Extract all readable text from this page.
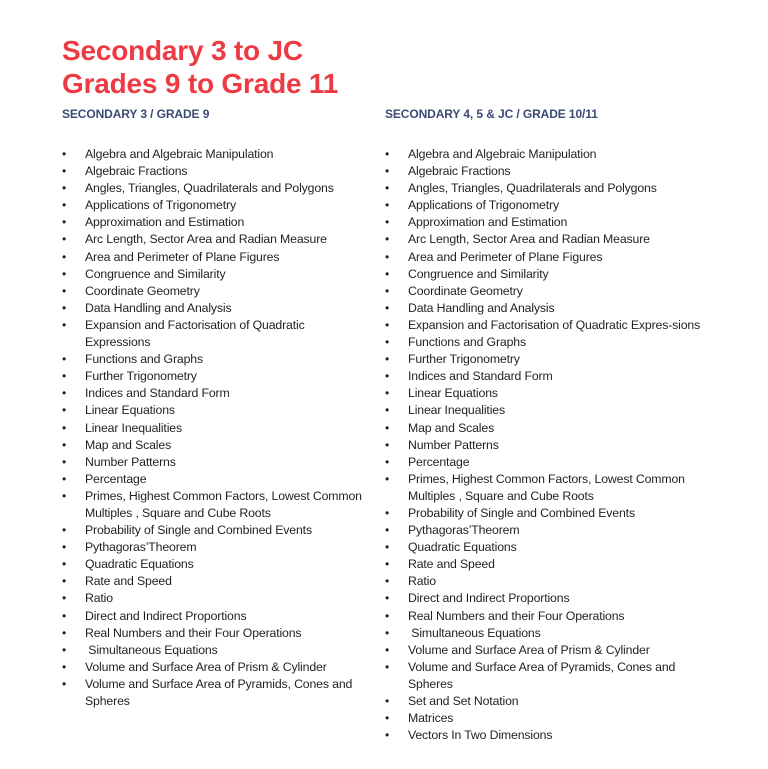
Secondary 3 to JC
Grades 9 to Grade 11
SECONDARY 3 / GRADE 9
•	Algebra and Algebraic Manipulation
•	Algebraic Fractions
•	Angles, Triangles, Quadrilaterals and Polygons
•	Applications of Trigonometry
•	Approximation and Estimation
•	Arc Length, Sector Area and Radian Measure
•	Area and Perimeter of Plane Figures
•	Congruence and Similarity
•	Coordinate Geometry
•	Data Handling and Analysis
•	Expansion and Factorisation of Quadratic Expressions
•	Functions and Graphs
•	Further Trigonometry
•	Indices and Standard Form
•	Linear Equations
•	Linear Inequalities
•	Map and Scales
•	Number Patterns
•	Percentage
•	Primes, Highest Common Factors, Lowest Common Multiples , Square and Cube Roots
•	Probability of Single and Combined Events
•	Pythagoras’Theorem
•	Quadratic Equations
•	Rate and Speed
•	Ratio
•	Direct and Indirect Proportions
•	Real Numbers and their Four Operations
•	Simultaneous Equations
•	Volume and Surface Area of Prism & Cylinder
•	Volume and Surface Area of Pyramids, Cones and Spheres
SECONDARY 4, 5 & JC / GRADE 10/11
•	Algebra and Algebraic Manipulation
•	Algebraic Fractions
•	Angles, Triangles, Quadrilaterals and Polygons
•	Applications of Trigonometry
•	Approximation and Estimation
•	Arc Length, Sector Area and Radian Measure
•	Area and Perimeter of Plane Figures
•	Congruence and Similarity
•	Coordinate Geometry
•	Data Handling and Analysis
•	Expansion and Factorisation of Quadratic Expres-sions
•	Functions and Graphs
•	Further Trigonometry
•	Indices and Standard Form
•	Linear Equations
•	Linear Inequalities
•	Map and Scales
•	Number Patterns
•	Percentage
•	Primes, Highest Common Factors, Lowest Common Multiples , Square and Cube Roots
•	Probability of Single and Combined Events
•	Pythagoras’Theorem
•	Quadratic Equations
•	Rate and Speed
•	Ratio
•	Direct and Indirect Proportions
•	Real Numbers and their Four Operations
•	Simultaneous Equations
•	Volume and Surface Area of Prism & Cylinder
•	Volume and Surface Area of Pyramids, Cones and Spheres
•	Set and Set Notation
•	Matrices
•	Vectors In Two Dimensions
